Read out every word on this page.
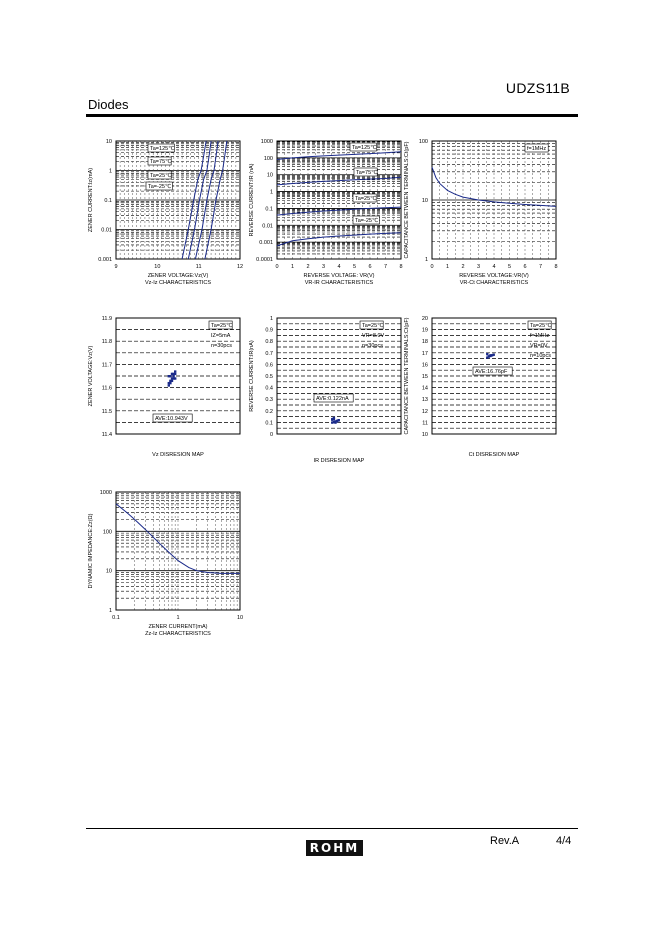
UDZS11B
Diodes
0.001
0.01
0.1
1
10
9	10	11	12
ZENER CURRENT:Iz(mA)
ZENER VOLTAGE:Vz(V)
Vz-Iz CHARACTERISTICS
Ta=125℃
Ta=75℃
Ta=25℃
Ta=-25℃
0.0001
0.001
0.01
0.1
1
10
100
1000
0 1 2 3 4 5 6 7 8
REVERSE CURRENT:IR (nA)
REVERSE VOLTAGE: VR(V)
VR-IR CHARACTERISTICS
Ta=125℃
Ta=75℃
Ta=25℃
Ta=-25℃
1
10
100
0 1 2 3 4 5 6 7 8
CAPACITANCE BETWEEN TERMINALS:Ct(pF)
REVERSE VOLTAGE:VR(V)
VR-Ct CHARACTERISTICS
f=1MHz
11.4
11.5
11.6
11.7
11.8
11.9
ZENER VOLTAGE:Vz(V)
Vz DISRESION MAP
Ta=25℃
IZ=5mA
n=30pcs
AVE:10.943V
0
0.1
0.2
0.3
0.4
0.5
0.6
0.7
0.8
0.9
1
REVERSE CURRENT:IR(nA)
IR DISRESION MAP
Ta=25℃
VR=8.0V
n=30pcs
AVE:0.122nA
10
11
12
13
14
15
16
17
18
19
20
CAPACITANCE BETWEEN TERMINALS:Ct(pF)
Ct DISRESION MAP
Ta=25℃
f=1MHz
VR=0V
n=10pcs
AVE:16.76pF
1
10
100
1000
0.1	1	10
DYNAMIC IMPEDANCE:Zz(Ω)
ZENER CURRENT(mA)
Zz-Iz CHARACTERISTICS
Rev.A	4/4
ROHM
